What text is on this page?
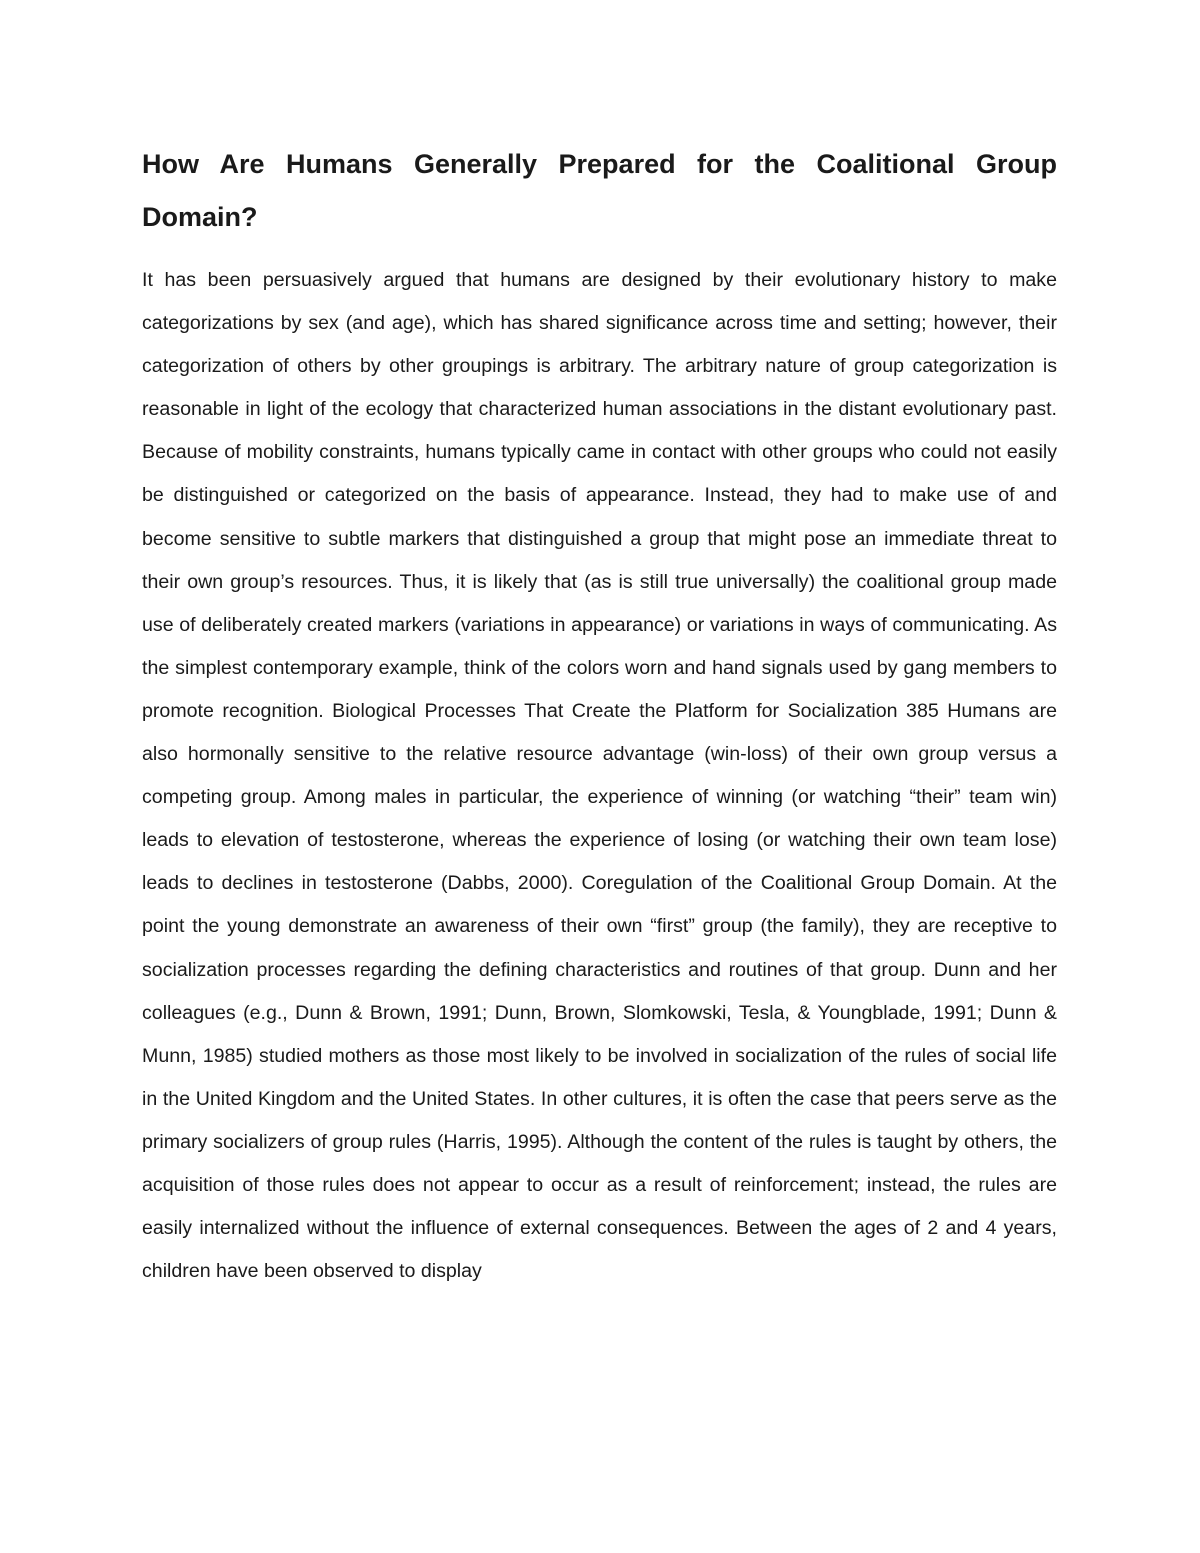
How Are Humans Generally Prepared for the Coalitional Group Domain?

It has been persuasively argued that humans are designed by their evolutionary history to make categorizations by sex (and age), which has shared significance across time and setting; however, their categorization of others by other groupings is arbitrary. The arbitrary nature of group categorization is reasonable in light of the ecology that characterized human associations in the distant evolutionary past. Because of mobility constraints, humans typically came in contact with other groups who could not easily be distinguished or categorized on the basis of appearance. Instead, they had to make use of and become sensitive to subtle markers that distinguished a group that might pose an immediate threat to their own group’s resources. Thus, it is likely that (as is still true universally) the coalitional group made use of deliberately created markers (variations in appearance) or variations in ways of communicating. As the simplest contemporary example, think of the colors worn and hand signals used by gang members to promote recognition. Biological Processes That Create the Platform for Socialization 385 Humans are also hormonally sensitive to the relative resource advantage (win-loss) of their own group versus a competing group. Among males in particular, the experience of winning (or watching “their” team win) leads to elevation of testosterone, whereas the experience of losing (or watching their own team lose) leads to declines in testosterone (Dabbs, 2000). Coregulation of the Coalitional Group Domain. At the point the young demonstrate an awareness of their own “first” group (the family), they are receptive to socialization processes regarding the defining characteristics and routines of that group. Dunn and her colleagues (e.g., Dunn & Brown, 1991; Dunn, Brown, Slomkowski, Tesla, & Youngblade, 1991; Dunn & Munn, 1985) studied mothers as those most likely to be involved in socialization of the rules of social life in the United Kingdom and the United States. In other cultures, it is often the case that peers serve as the primary socializers of group rules (Harris, 1995). Although the content of the rules is taught by others, the acquisition of those rules does not appear to occur as a result of reinforcement; instead, the rules are easily internalized without the influence of external consequences. Between the ages of 2 and 4 years, children have been observed to display
